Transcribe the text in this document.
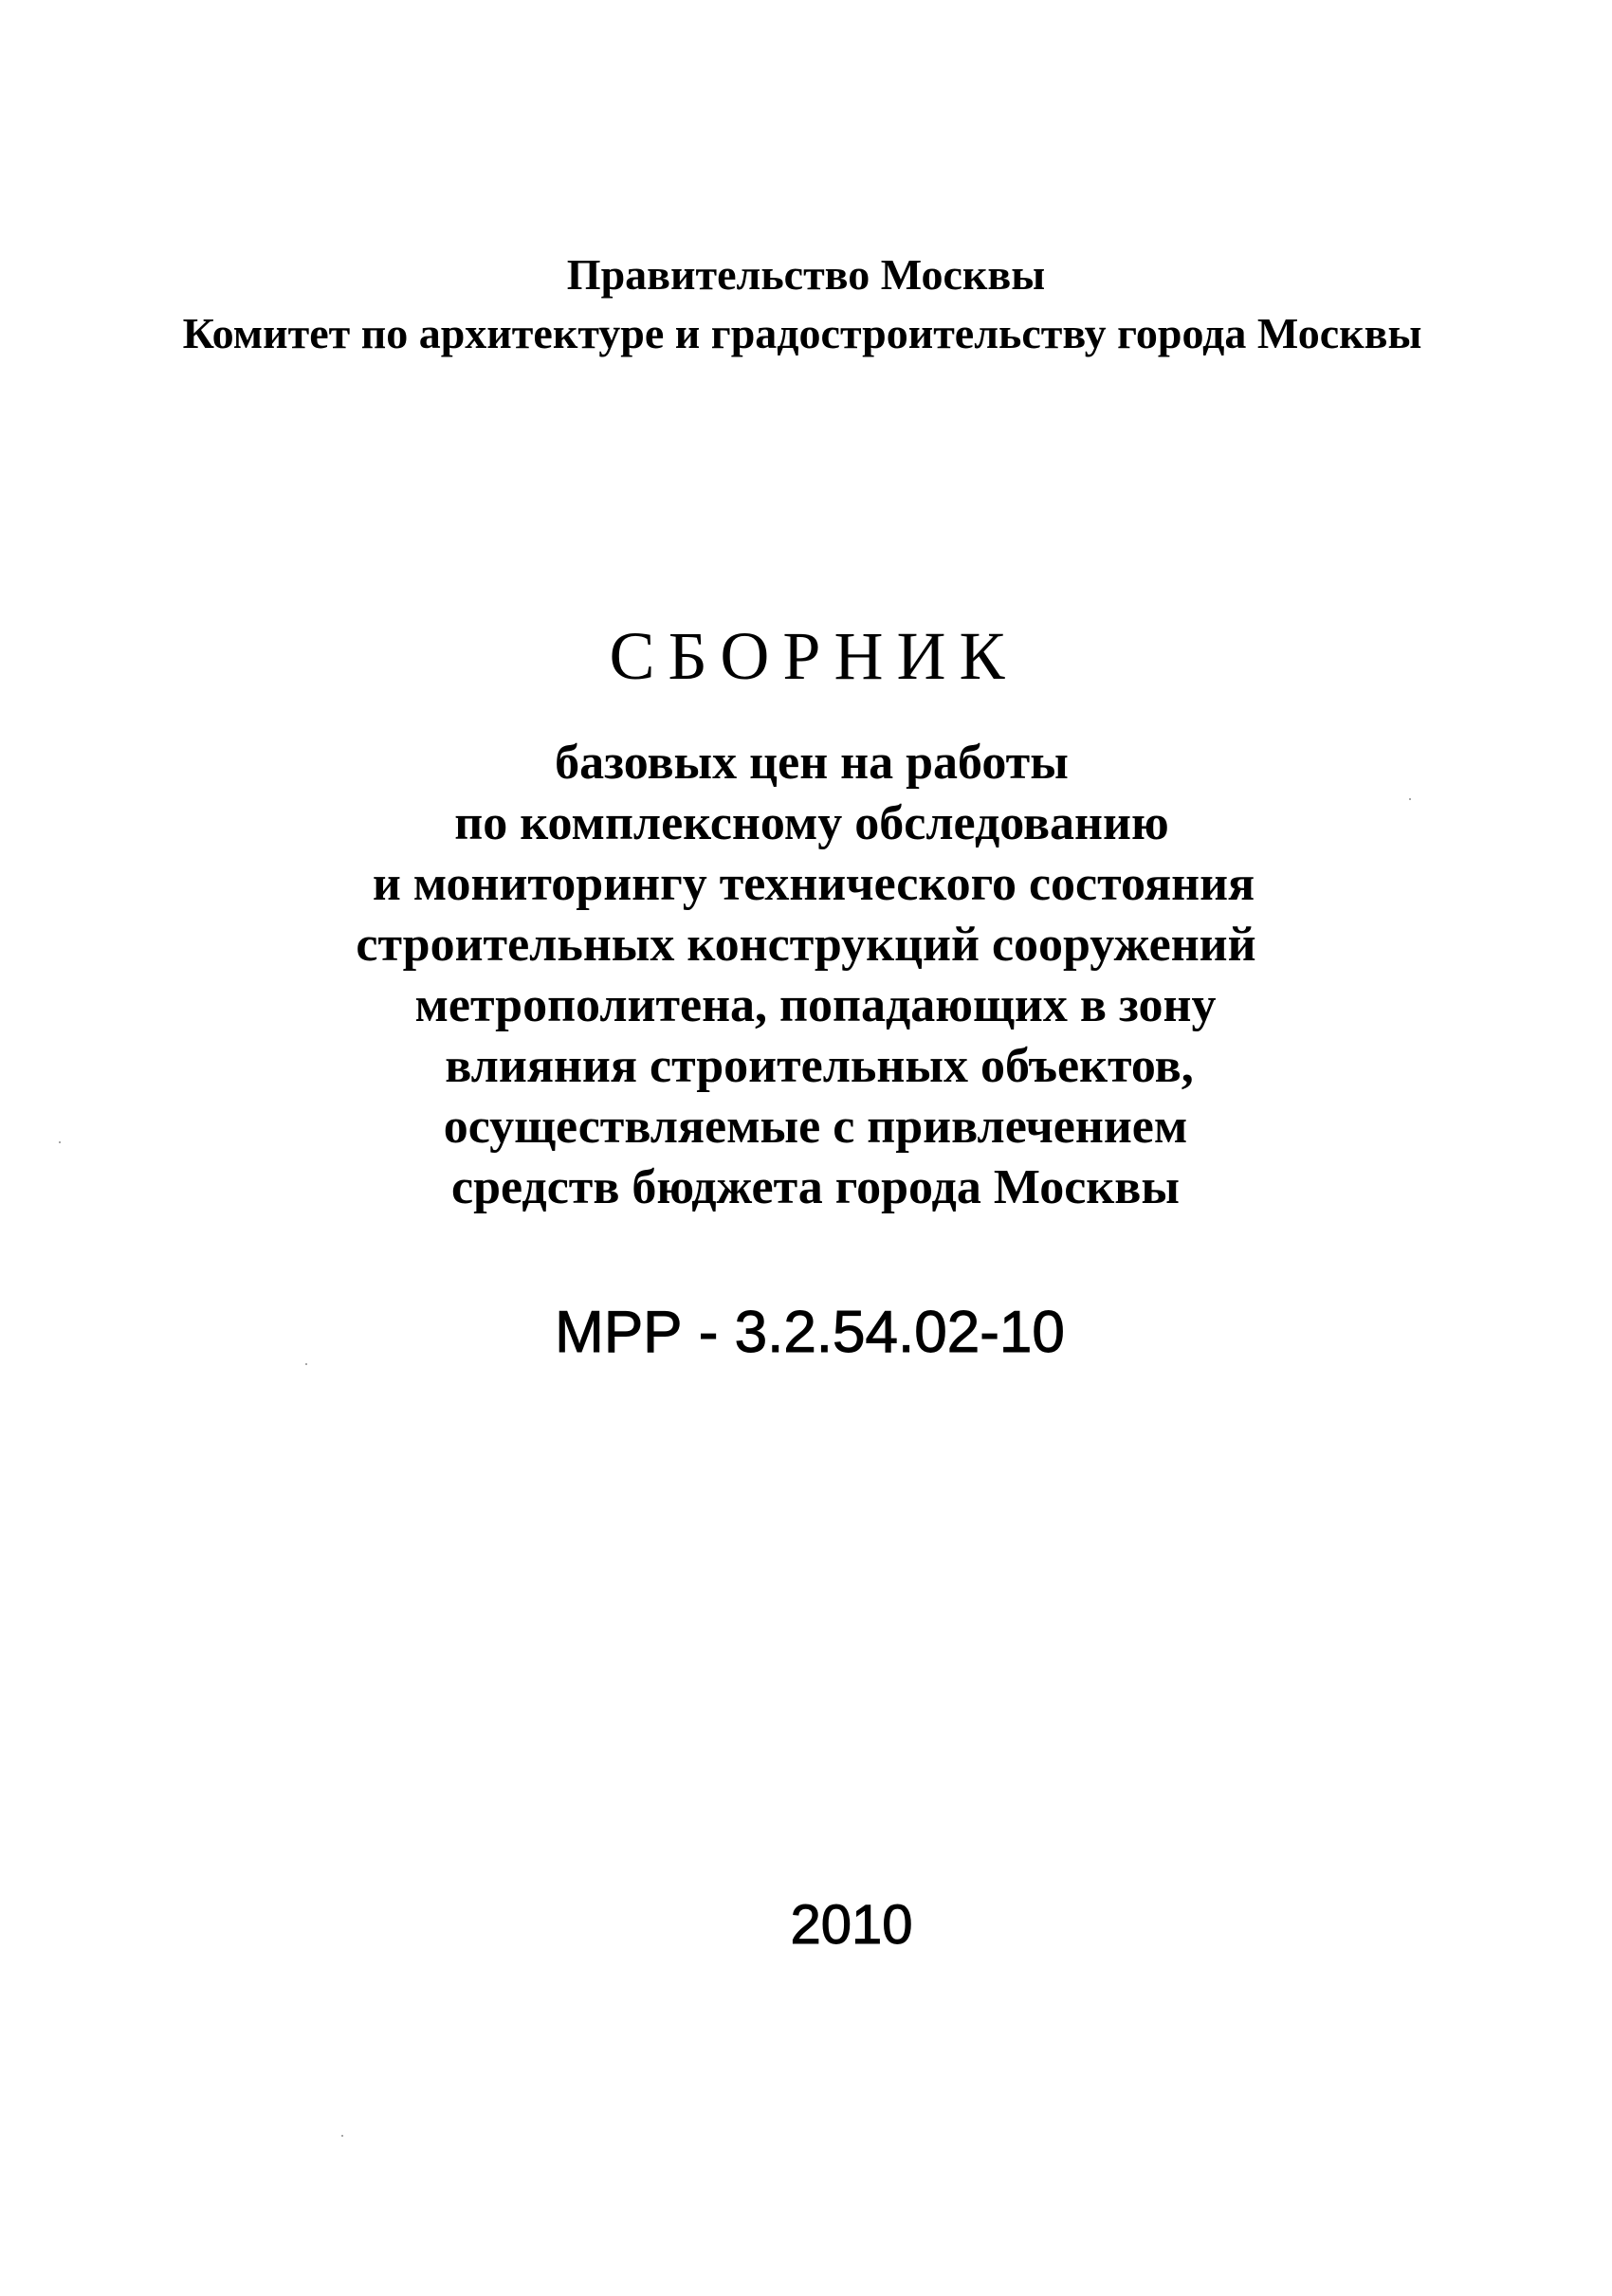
Правительство Москвы
Комитет по архитектуре и градостроительству города Москвы
СБОРНИК
базовых цен на работы
по комплексному обследованию
и мониторингу технического состояния
строительных конструкций сооружений
метрополитена, попадающих в зону
влияния строительных объектов,
осуществляемые с привлечением
средств бюджета города Москвы
МРР - 3.2.54.02-10
2010
